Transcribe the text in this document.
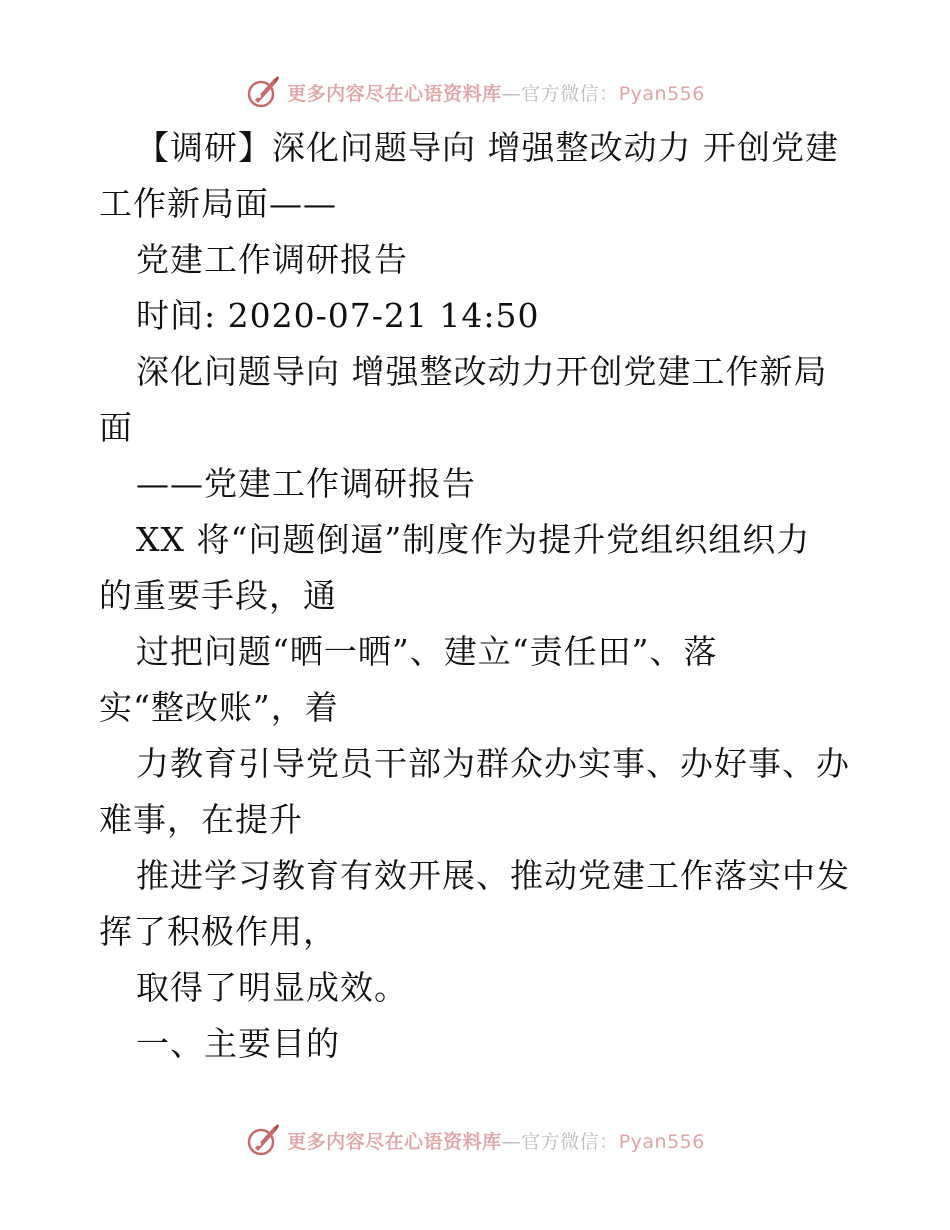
更多内容尽在心语资料库—官方微信：Pyan556
【调研】深化问题导向 增强整改动力 开创党建
工作新局面——
党建工作调研报告
时间: 2020-07-21 14:50
深化问题导向 增强整改动力开创党建工作新局
面
——党建工作调研报告
XX 将“问题倒逼”制度作为提升党组织组织力
的重要手段，通
过把问题“晒一晒”、建立“责任田”、落
实“整改账”，着
力教育引导党员干部为群众办实事、办好事、办
难事，在提升
推进学习教育有效开展、推动党建工作落实中发
挥了积极作用，
取得了明显成效。
一、主要目的
更多内容尽在心语资料库—官方微信：Pyan556
